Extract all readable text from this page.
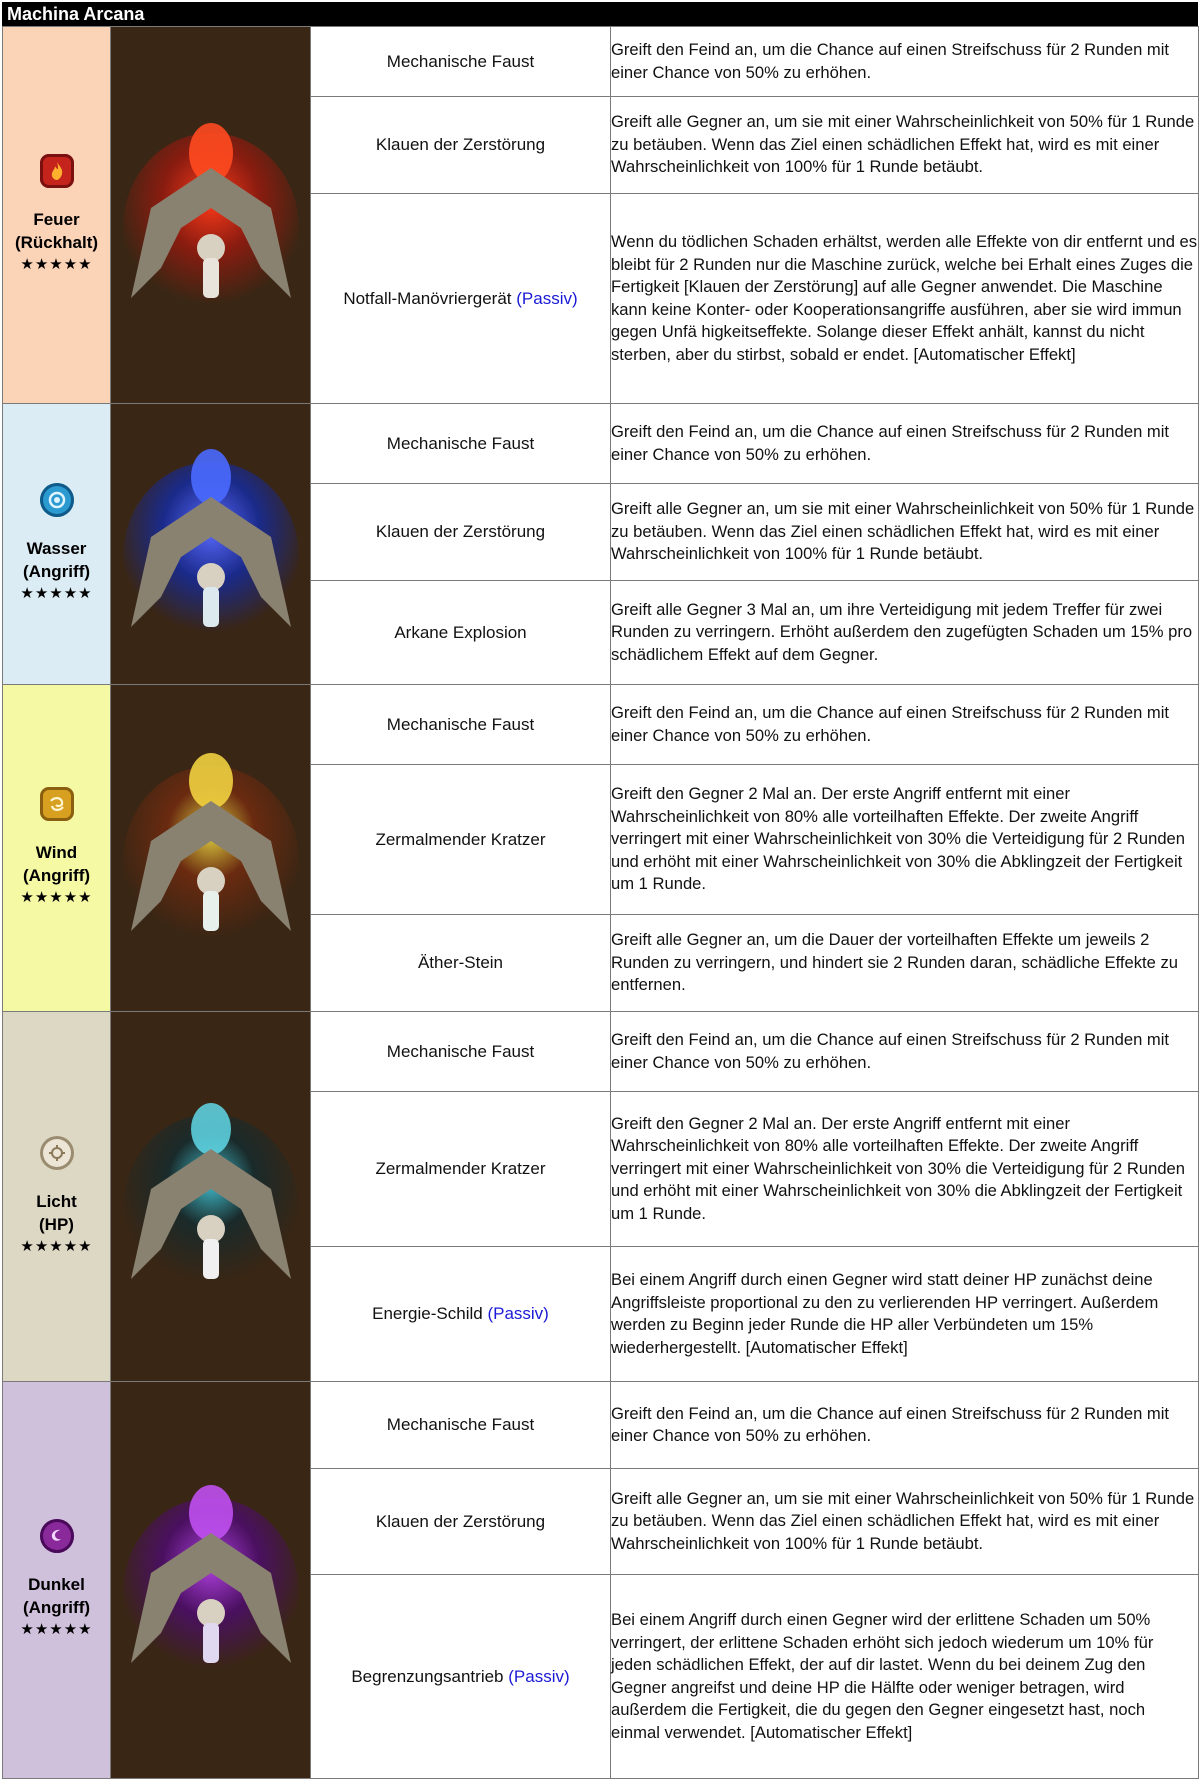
Machina Arcana
Feuer
(Rückhalt)
★★★★★		Mechanische Faust	Greift den Feind an, um die Chance auf einen Streifschuss für 2 Runden mit einer Chance von 50% zu erhöhen.
		Klauen der Zerstörung	Greift alle Gegner an, um sie mit einer Wahrscheinlichkeit von 50% für 1 Runde zu betäuben. Wenn das Ziel einen schädlichen Effekt hat, wird es mit einer Wahrscheinlichkeit von 100% für 1 Runde betäubt.
		Notfall-Manövriergerät (Passiv)	Wenn du tödlichen Schaden erhältst, werden alle Effekte von dir entfernt und es bleibt für 2 Runden nur die Maschine zurück, welche bei Erhalt eines Zuges die Fertigkeit [Klauen der Zerstörung] auf alle Gegner anwendet. Die Maschine kann keine Konter- oder Kooperationsangriffe ausführen, aber sie wird immun gegen Unfä higkeitseffekte. Solange dieser Effekt anhält, kannst du nicht sterben, aber du stirbst, sobald er endet. [Automatischer Effekt]

Wasser
(Angriff)
★★★★★		Mechanische Faust	Greift den Feind an, um die Chance auf einen Streifschuss für 2 Runden mit einer Chance von 50% zu erhöhen.
		Klauen der Zerstörung	Greift alle Gegner an, um sie mit einer Wahrscheinlichkeit von 50% für 1 Runde zu betäuben. Wenn das Ziel einen schädlichen Effekt hat, wird es mit einer Wahrscheinlichkeit von 100% für 1 Runde betäubt.
		Arkane Explosion	Greift alle Gegner 3 Mal an, um ihre Verteidigung mit jedem Treffer für zwei Runden zu verringern. Erhöht außerdem den zugefügten Schaden um 15% pro schädlichem Effekt auf dem Gegner.

Wind
(Angriff)
★★★★★		Mechanische Faust	Greift den Feind an, um die Chance auf einen Streifschuss für 2 Runden mit einer Chance von 50% zu erhöhen.
		Zermalmender Kratzer	Greift den Gegner 2 Mal an. Der erste Angriff entfernt mit einer Wahrscheinlichkeit von 80% alle vorteilhaften Effekte. Der zweite Angriff verringert mit einer Wahrscheinlichkeit von 30% die Verteidigung für 2 Runden und erhöht mit einer Wahrscheinlichkeit von 30% die Abklingzeit der Fertigkeit um 1 Runde.
		Äther-Stein	Greift alle Gegner an, um die Dauer der vorteilhaften Effekte um jeweils 2 Runden zu verringern, und hindert sie 2 Runden daran, schädliche Effekte zu entfernen.

Licht
(HP)
★★★★★		Mechanische Faust	Greift den Feind an, um die Chance auf einen Streifschuss für 2 Runden mit einer Chance von 50% zu erhöhen.
		Zermalmender Kratzer	Greift den Gegner 2 Mal an. Der erste Angriff entfernt mit einer Wahrscheinlichkeit von 80% alle vorteilhaften Effekte. Der zweite Angriff verringert mit einer Wahrscheinlichkeit von 30% die Verteidigung für 2 Runden und erhöht mit einer Wahrscheinlichkeit von 30% die Abklingzeit der Fertigkeit um 1 Runde.
		Energie-Schild (Passiv)	Bei einem Angriff durch einen Gegner wird statt deiner HP zunächst deine Angriffsleiste proportional zu den zu verlierenden HP verringert. Außerdem werden zu Beginn jeder Runde die HP aller Verbündeten um 15% wiederhergestellt. [Automatischer Effekt]

Dunkel
(Angriff)
★★★★★		Mechanische Faust	Greift den Feind an, um die Chance auf einen Streifschuss für 2 Runden mit einer Chance von 50% zu erhöhen.
		Klauen der Zerstörung	Greift alle Gegner an, um sie mit einer Wahrscheinlichkeit von 50% für 1 Runde zu betäuben. Wenn das Ziel einen schädlichen Effekt hat, wird es mit einer Wahrscheinlichkeit von 100% für 1 Runde betäubt.
		Begrenzungsantrieb (Passiv)	Bei einem Angriff durch einen Gegner wird der erlittene Schaden um 50% verringert, der erlittene Schaden erhöht sich jedoch wiederum um 10% für jeden schädlichen Effekt, der auf dir lastet. Wenn du bei deinem Zug den Gegner angreifst und deine HP die Hälfte oder weniger betragen, wird außerdem die Fertigkeit, die du gegen den Gegner eingesetzt hast, noch einmal verwendet. [Automatischer Effekt]
